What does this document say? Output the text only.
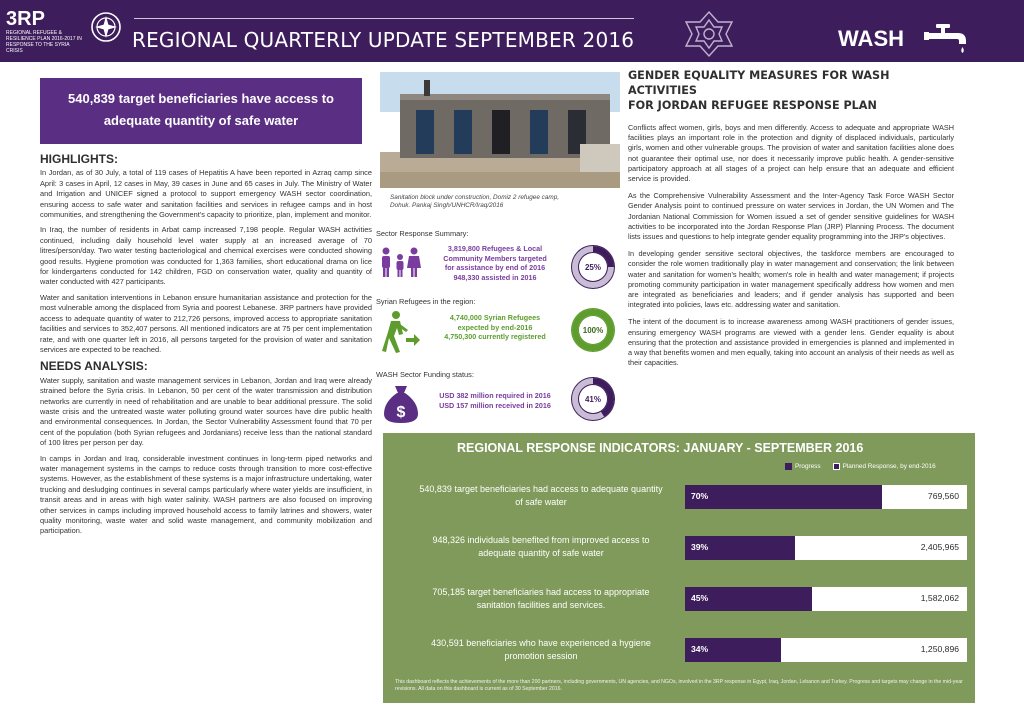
3RP
REGIONAL REFUGEE & RESILIENCE PLAN 2016-2017 IN RESPONSE TO THE SYRIA CRISIS	REGIONAL QUARTERLY UPDATE SEPTEMBER 2016	WASH
540,839 target beneficiaries have access to
adequate quantity of safe water
HIGHLIGHTS:

In Jordan, as of 30 July, a total of 119 cases of Hepatitis A have been reported in Azraq camp since April: 3 cases in April, 12 cases in May, 39 cases in June and 65 cases in July. The Ministry of Water and Irrigation and UNICEF signed a protocol to support emergency WASH sector coordination, ensuring access to safe water and sanitation facilities and services in refugee camps and in host communities, and strengthening the Government's capacity to prioritize, plan, implement and monitor.

In Iraq, the number of residents in Arbat camp increased 7,198 people. Regular WASH activities continued, including daily household level water supply at an increased average of 70 litres/person/day. Two water testing bacteriological and chemical exercises were conducted showing good results. Hygiene promotion was conducted for 1,363 families, short educational drama on lice for kindergartens conducted for 142 children, FGD on conservation water, quality and quantity of water conducted with 427 participants.

Water and sanitation interventions in Lebanon ensure humanitarian assistance and protection for the most vulnerable among the displaced from Syria and poorest Lebanese. 3RP partners have provided access to adequate quantity of water to 212,726 persons, improved access to appropriate sanitation facilities and services to 352,407 persons. All mentioned indicators are at 75 per cent implementation rate, and with one quarter left in 2016, all persons targeted for the provision of water and sanitation services are expected to be reached.

NEEDS ANALYSIS:

Water supply, sanitation and waste management services in Lebanon, Jordan and Iraq were already strained before the Syria crisis. In Lebanon, 50 per cent of the water transmission and distribution networks are currently in need of rehabilitation and are unable to bear additional pressure. The solid waste crisis and the untreated waste water polluting ground water sources have dire public health and environmental consequences. In Jordan, the Sector Vulnerability Assessment found that 70 per cent of the population (both Syrian refugees and Jordanians) receive less than the national standard of 100 litres per person per day.

In camps in Jordan and Iraq, considerable investment continues in long-term piped networks and water management systems in the camps to reduce costs through transition to more cost-effective systems. However, as the establishment of these systems is a major infrastructure undertaking, water trucking and desludging continues in several camps particularly where water yields are insufficient, in transit areas and in areas with high water salinity. WASH partners are also focused on improving other services in camps including improved household access to family latrines and showers, water quality monitoring, waste water and solid waste management, and community mobilization and participation.

Sanitation block under construction, Domiz 2 refugee camp,
Dohuk. Pankaj Singh/UNHCR/Iraq/2016
Sector Response Summary:
3,819,800 Refugees & Local
Community Members targeted
for assistance by end of 2016
948,330 assisted in 2016
25%
Syrian Refugees in the region:
4,740,000 Syrian Refugees
expected by end-2016
4,750,300 currently registered
100%
WASH Sector Funding status:
$
USD 382 million required in 2016
USD 157 million received in 2016
41%
GENDER EQUALITY MEASURES FOR WASH ACTIVITIES
FOR JORDAN REFUGEE RESPONSE PLAN

Conflicts affect women, girls, boys and men differently. Access to adequate and appropriate WASH facilities plays an important role in the protection and dignity of displaced individuals, particularly girls, women and other vulnerable groups. The provision of water and sanitation facilities alone does not guarantee their optimal use, nor does it necessarily improve public health. A gender-sensitive participatory approach at all stages of a project can help ensure that an adequate and efficient service is provided.

As the Comprehensive Vulnerability Assessment and the Inter-Agency Task Force WASH Sector Gender Analysis point to continued pressure on water services in Jordan, the UN Women and The Jordanian National Commission for Women issued a set of gender sensitive guidelines for WASH activities to be incorporated into the Jordan Response Plan (JRP) Planning Process. The document lists issues and questions to help integrate gender equality programming into the JRP's objectives.

In developing gender sensitive sectoral objectives, the taskforce members are encouraged to consider the role women traditionally play in water management and conservation; the link between water and sanitation for women's health; women's role in health and water management; if projects promoting community participation in water management specifically address how women and men are integrated as beneficiaries and leaders; and if gender analysis has supported and been integrated into policies, laws etc. addressing water and sanitation.

The intent of the document is to increase awareness among WASH practitioners of gender issues, ensuring emergency WASH programs are viewed with a gender lens. Gender equality is about ensuring that the protection and assistance provided in emergencies is planned and implemented in a way that benefits women and men equally, taking into account an analysis of their needs as well as their capacities.

REGIONAL RESPONSE INDICATORS: JANUARY - SEPTEMBER 2016
Progress	Planned Response, by end-2016
540,839 target beneficiaries had access to adequate quantity
of safe water
70%	769,560
948,326 individuals benefited from improved access to
adequate quantity of safe water
39%	2,405,965
705,185 target beneficiaries had access to appropriate
sanitation facilities and services.
45%	1,582,062
430,591 beneficiaries who have experienced a hygiene
promotion session
34%	1,250,896
This dashboard reflects the achievements of the more than 200 partners, including governments, UN agencies, and NGOs, involved in the 3RP response in Egypt, Iraq, Jordan, Lebanon and Turkey. Progress and targets may change in the mid-year revisions. All data on this dashboard is current as of 30 September 2016.
